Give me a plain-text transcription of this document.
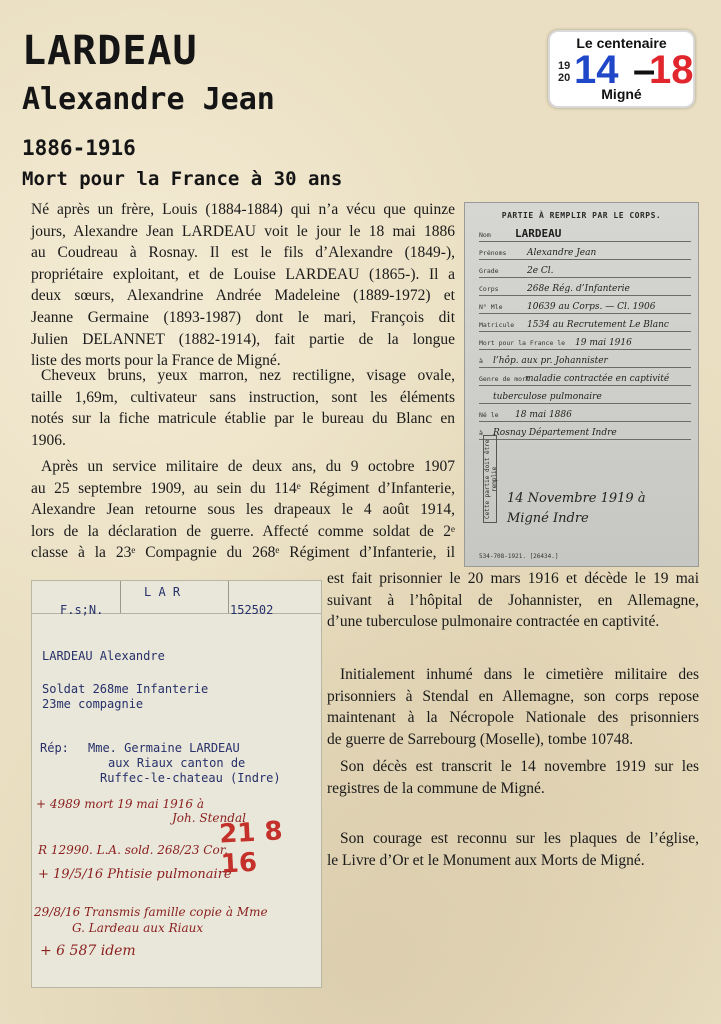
LARDEAU
Alexandre Jean
1886-1916
Mort pour la France à 30 ans
Le centenaire
19
20 14 –
18
Migné
Né après un frère, Louis (1884-1884) qui n’a vécu que quinze
jours, Alexandre Jean LARDEAU voit le jour le 18 mai 1886
au Coudreau à Rosnay. Il est le fils d’Alexandre (1849-),
propriétaire exploitant, et de Louise LARDEAU (1865-). Il a
deux sœurs, Alexandrine Andrée Madeleine (1889-1972) et
Jeanne Germaine (1893-1987) dont le mari, François dit
Julien DELANNET (1882-1914), fait partie de la longue
liste des morts pour la France de Migné.
Cheveux bruns, yeux marron, nez rectiligne, visage ovale,
taille 1,69m, cultivateur sans instruction, sont les éléments
notés sur la fiche matricule établie par le bureau du Blanc en
1906.
Après un service militaire de deux ans, du 9 octobre 1907
au 25 septembre 1909, au sein du 114ᵉ Régiment d’Infanterie,
Alexandre Jean retourne sous les drapeaux le 4 août 1914,
lors de la déclaration de guerre. Affecté comme soldat de 2ᵉ
classe à la 23ᵉ Compagnie du 268ᵉ Régiment d’Infanterie, il
est fait prisonnier le 20 mars 1916 et décède le 19 mai
suivant à l’hôpital de Johannister, en Allemagne,
d’une tuberculose pulmonaire contractée en captivité.
Initialement inhumé dans le cimetière militaire des
prisonniers à Stendal en Allemagne, son corps repose
maintenant à la Nécropole Nationale des prisonniers
de guerre de Sarrebourg (Moselle), tombe 10748.
Son décès est transcrit le 14 novembre 1919 sur les
registres de la commune de Migné.
Son courage est reconnu sur les plaques de l’église,
le Livre d’Or et le Monument aux Morts de Migné.
PARTIE À REMPLIR PAR LE CORPS.
Nom LARDEAU
Prénoms Alexandre Jean
Grade	2e Cl.
Corps	268e Rég. d’Infanterie
N° Mle	10639 au Corps. — Cl. 1906
Matricule 1534 au Recrutement Le Blanc
Mort pour la France le 19 mai 1916
à l’hôp. aux pr. Johannister
Genre de mort
maladie contractée en captivité
tuberculose pulmonaire
Né le 18 mai 1886
à Rosnay Département Indre
Cette partie doit être remplie
14 Novembre 1919 à Migné Indre
534-708-1921. [26434.]
L A R
F.s;N.	152502
LARDEAU Alexandre
Soldat 268me Infanterie
23me compagnie
Rép: Mme. Germaine LARDEAU
aux Riaux canton de
Ruffec-le-chateau (Indre)
+ 4989 mort 19 mai 1916 à
Joh. Stendal
21 8 16
R 12990. L.A. sold. 268/23 Cor.
+ 19/5/16 Phtisie pulmonaire
29/8/16 Transmis famille copie à Mme
G. Lardeau aux Riaux
+ 6 587 idem
